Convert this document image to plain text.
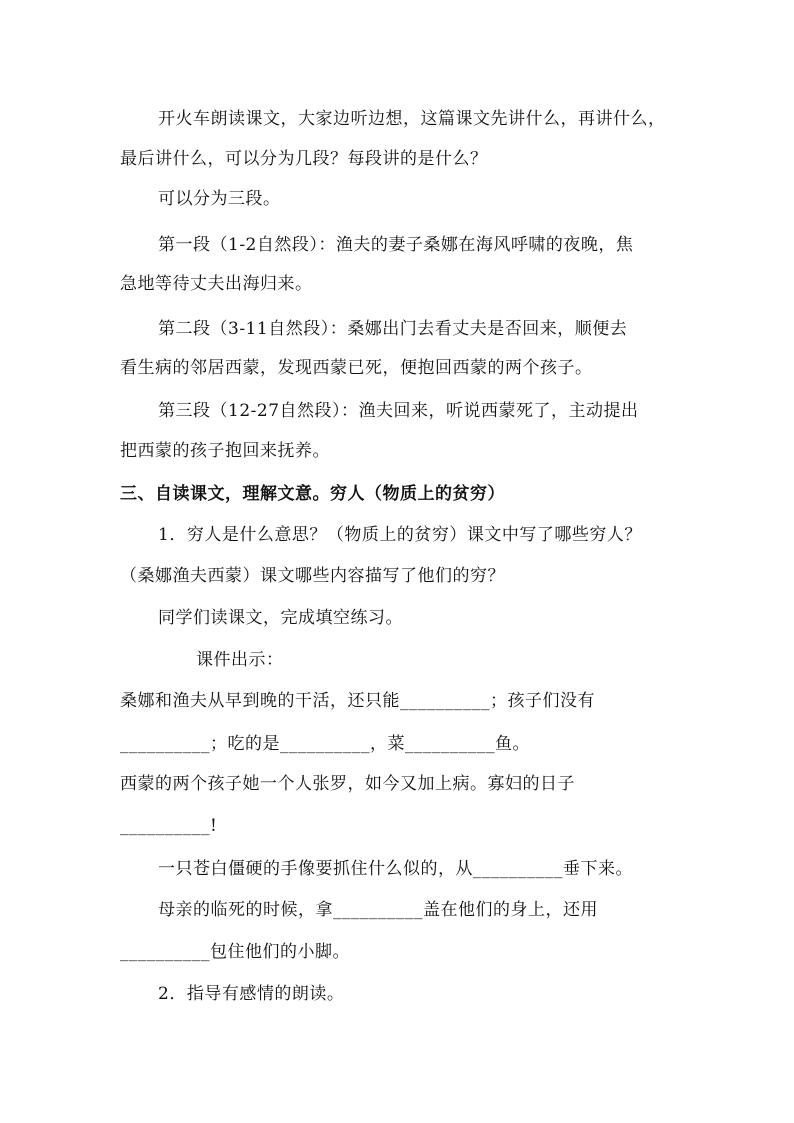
开火车朗读课文，大家边听边想，这篇课文先讲什么，再讲什么，
最后讲什么，可以分为几段？每段讲的是什么？
可以分为三段。
第一段（1-2自然段）：渔夫的妻子桑娜在海风呼啸的夜晚，焦
急地等待丈夫出海归来。
第二段（3-11自然段）：桑娜出门去看丈夫是否回来，顺便去
看生病的邻居西蒙，发现西蒙已死，便抱回西蒙的两个孩子。
第三段（12-27自然段）：渔夫回来，听说西蒙死了，主动提出
把西蒙的孩子抱回来抚养。
三、自读课文，理解文意。穷人（物质上的贫穷）
1．穷人是什么意思？（物质上的贫穷）课文中写了哪些穷人？
（桑娜渔夫西蒙）课文哪些内容描写了他们的穷？
同学们读课文，完成填空练习。
课件出示：
桑娜和渔夫从早到晚的干活，还只能__________；孩子们没有
__________；吃的是__________，菜__________鱼。
西蒙的两个孩子她一个人张罗，如今又加上病。寡妇的日子
__________!
一只苍白僵硬的手像要抓住什么似的，从__________垂下来。
母亲的临死的时候，拿__________盖在他们的身上，还用
__________包住他们的小脚。
2．指导有感情的朗读。
